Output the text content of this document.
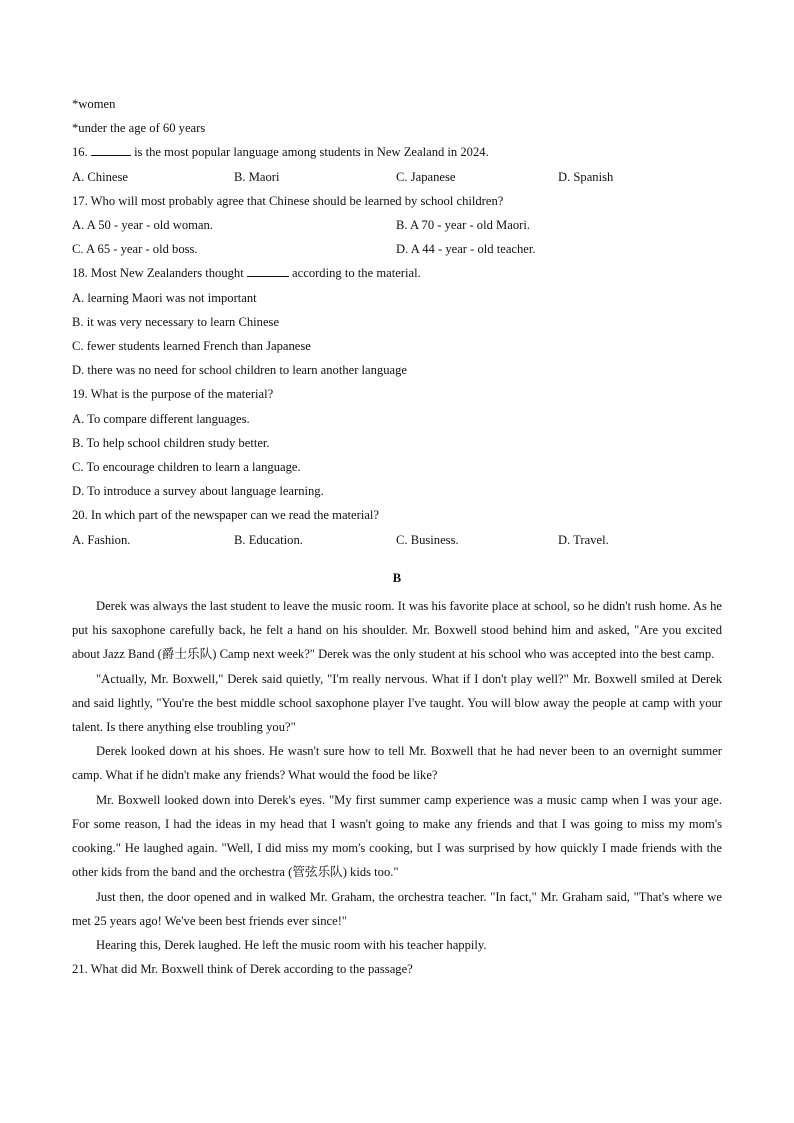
*women
*under the age of 60 years
16.	is the most popular language among students in New Zealand in 2024.
A. Chinese	B. Maori	C. Japanese	D. Spanish
17. Who will most probably agree that Chinese should be learned by school children?
A. A 50 - year - old woman.	B. A 70 - year - old Maori.
C. A 65 - year - old boss.	D. A 44 - year - old teacher.
18. Most New Zealanders thought	according to the material.
A. learning Maori was not important
B. it was very necessary to learn Chinese
C. fewer students learned French than Japanese
D. there was no need for school children to learn another language
19. What is the purpose of the material?
A. To compare different languages.
B. To help school children study better.
C. To encourage children to learn a language.
D. To introduce a survey about language learning.
20. In which part of the newspaper can we read the material?
A. Fashion.	B. Education.	C. Business.	D. Travel.
B

Derek was always the last student to leave the music room. It was his favorite place at school, so he didn't rush home. As he put his saxophone carefully back, he felt a hand on his shoulder. Mr. Boxwell stood behind him and asked, "Are you excited about Jazz Band (爵士乐队) Camp next week?" Derek was the only student at his school who was accepted into the best camp.

"Actually, Mr. Boxwell," Derek said quietly, "I'm really nervous. What if I don't play well?" Mr. Boxwell smiled at Derek and said lightly, "You're the best middle school saxophone player I've taught. You will blow away the people at camp with your talent. Is there anything else troubling you?"

Derek looked down at his shoes. He wasn't sure how to tell Mr. Boxwell that he had never been to an overnight summer camp. What if he didn't make any friends? What would the food be like?

Mr. Boxwell looked down into Derek's eyes. "My first summer camp experience was a music camp when I was your age. For some reason, I had the ideas in my head that I wasn't going to make any friends and that I was going to miss my mom's cooking." He laughed again. "Well, I did miss my mom's cooking, but I was surprised by how quickly I made friends with the other kids from the band and the orchestra (管弦乐队) kids too."

Just then, the door opened and in walked Mr. Graham, the orchestra teacher. "In fact," Mr. Graham said, "That's where we met 25 years ago! We've been best friends ever since!"

Hearing this, Derek laughed. He left the music room with his teacher happily.

21. What did Mr. Boxwell think of Derek according to the passage?
